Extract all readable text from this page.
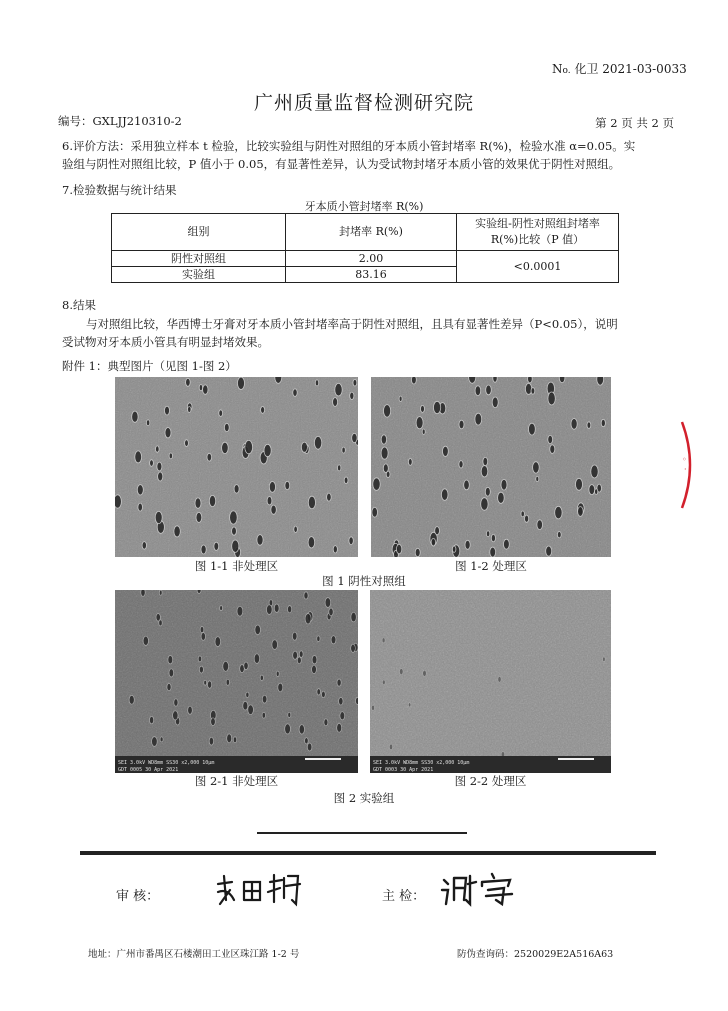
No. 化卫 2021-03-0033
广州质量监督检测研究院
编号：GXLJJ210310-2	第 2 页 共 2 页
6.评价方法：采用独立样本 t 检验，比较实验组与阴性对照组的牙本质小管封堵率 R(%)，检验水准 α=0.05。实
验组与阴性对照组比较，P 值小于 0.05，有显著性差异，认为受试物封堵牙本质小管的效果优于阴性对照组。
7.检验数据与统计结果
牙本质小管封堵率 R(%)
组别	封堵率 R(%)	实验组-阴性对照组封堵率
R(%)比较（P 值）

阴性对照组	2.00	<0.0001
实验组	83.16	
8.结果
与对照组比较，华西博士牙膏对牙本质小管封堵率高于阴性对照组，且具有显著性差异（P<0.05），说明
受试物对牙本质小管具有明显封堵效果。
附件 1：典型图片（见图 1-图 2）
图 1-1 非处理区	图 1-2 处理区
图 1 阴性对照组
SEI 3.0kV WD8mm SS30 x2,000 10μm
GDT 0005 30 Apr 2021
SEI 3.0kV WD8mm SS30 x2,000 10μm
GDT 0003 30 Apr 2021
图 2-1 非处理区	图 2-2 处理区
图 2 实验组
审 核：	主 检：
地址：广州市番禺区石楼潮田工业区珠江路 1-2 号	防伪查询码：2520029E2A516A63
◦
·
